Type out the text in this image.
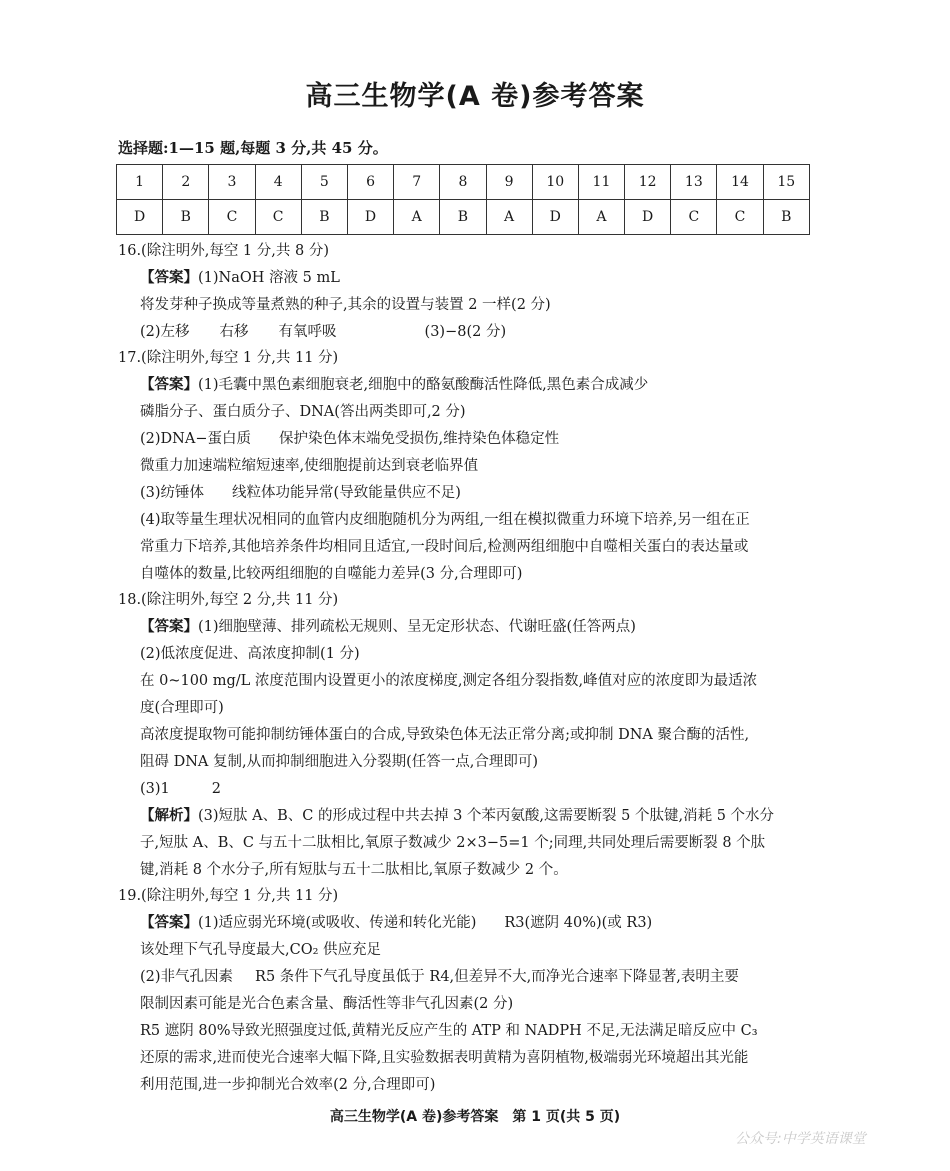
高三生物学(A 卷)参考答案
选择题:1—15 题,每题 3 分,共 45 分。
1	2	3	4	5	6	7	8	9	10	11	12	13	14	15
D	B	C	C	B	D	A	B	A	D	A	D	C	C	B
16.(除注明外,每空 1 分,共 8 分)
【答案】(1)NaOH 溶液 5 mL
将发芽种子换成等量煮熟的种子,其余的设置与装置 2 一样(2 分)
(2)左移 右移 有氧呼吸	(3)−8(2 分)
17.(除注明外,每空 1 分,共 11 分)
【答案】(1)毛囊中黑色素细胞衰老,细胞中的酪氨酸酶活性降低,黑色素合成减少
磷脂分子、蛋白质分子、DNA(答出两类即可,2 分)
(2)DNA−蛋白质 保护染色体末端免受损伤,维持染色体稳定性
微重力加速端粒缩短速率,使细胞提前达到衰老临界值
(3)纺锤体 线粒体功能异常(导致能量供应不足)
(4)取等量生理状况相同的血管内皮细胞随机分为两组,一组在模拟微重力环境下培养,另一组在正
常重力下培养,其他培养条件均相同且适宜,一段时间后,检测两组细胞中自噬相关蛋白的表达量或
自噬体的数量,比较两组细胞的自噬能力差异(3 分,合理即可)
18.(除注明外,每空 2 分,共 11 分)
【答案】(1)细胞壁薄、排列疏松无规则、呈无定形状态、代谢旺盛(任答两点)
(2)低浓度促进、高浓度抑制(1 分)
在 0~100 mg/L 浓度范围内设置更小的浓度梯度,测定各组分裂指数,峰值对应的浓度即为最适浓
度(合理即可)
高浓度提取物可能抑制纺锤体蛋白的合成,导致染色体无法正常分离;或抑制 DNA 聚合酶的活性,
阻碍 DNA 复制,从而抑制细胞进入分裂期(任答一点,合理即可)
(3)1	2
【解析】(3)短肽 A、B、C 的形成过程中共去掉 3 个苯丙氨酸,这需要断裂 5 个肽键,消耗 5 个水分
子,短肽 A、B、C 与五十二肽相比,氧原子数减少 2×3−5=1 个;同理,共同处理后需要断裂 8 个肽
键,消耗 8 个水分子,所有短肽与五十二肽相比,氧原子数减少 2 个。
19.(除注明外,每空 1 分,共 11 分)
【答案】(1)适应弱光环境(或吸收、传递和转化光能) R3(遮阴 40%)(或 R3)
该处理下气孔导度最大,CO₂ 供应充足
(2)非气孔因素 R5 条件下气孔导度虽低于 R4,但差异不大,而净光合速率下降显著,表明主要
限制因素可能是光合色素含量、酶活性等非气孔因素(2 分)
R5 遮阴 80%导致光照强度过低,黄精光反应产生的 ATP 和 NADPH 不足,无法满足暗反应中 C₃
还原的需求,进而使光合速率大幅下降,且实验数据表明黄精为喜阴植物,极端弱光环境超出其光能
利用范围,进一步抑制光合效率(2 分,合理即可)
高三生物学(A 卷)参考答案　第 1 页(共 5 页)
公众号:中学英语课堂
